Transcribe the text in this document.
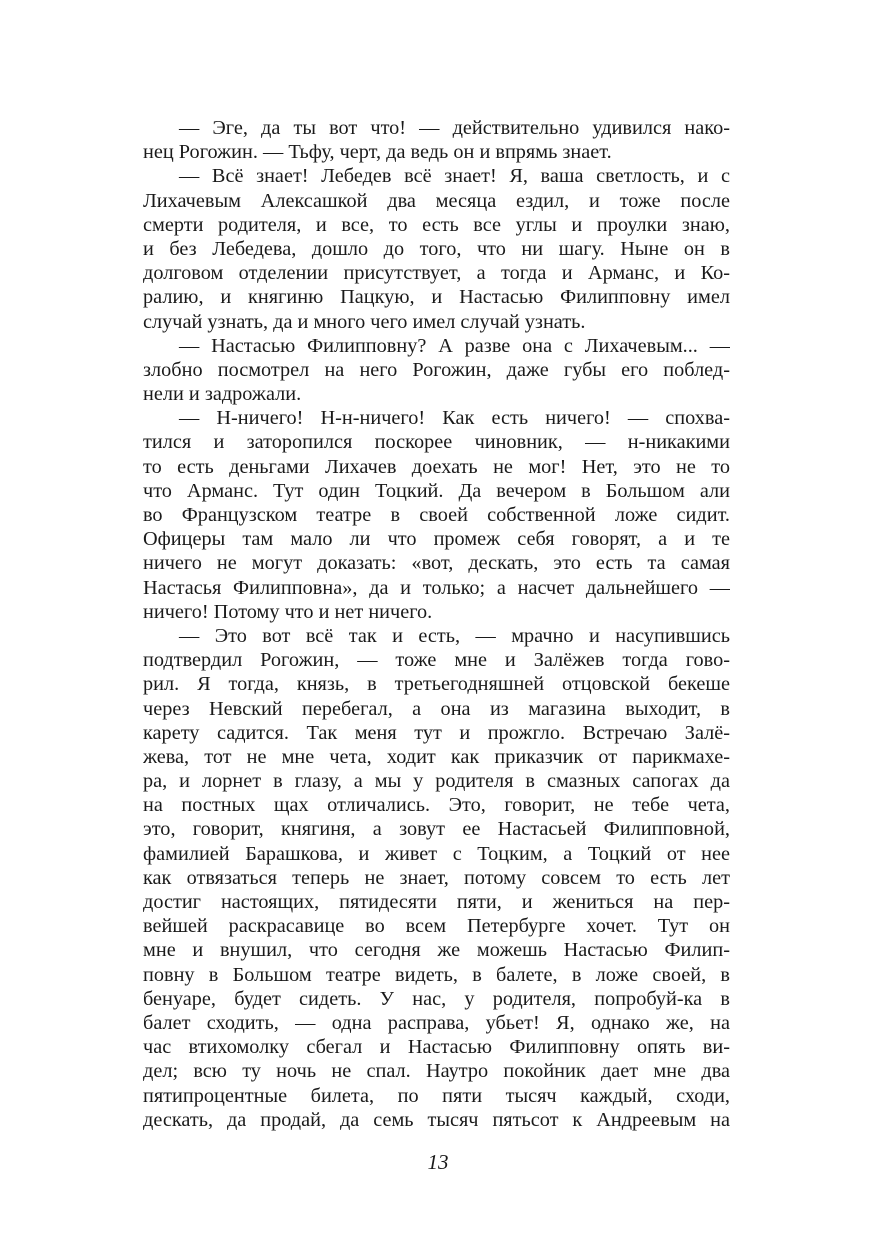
— Эге, да ты вот что! — действительно удивился нако-
нец Рогожин. — Тьфу, черт, да ведь он и впрямь знает.
— Всё знает! Лебедев всё знает! Я, ваша светлость, и с
Лихачевым Алексашкой два месяца ездил, и тоже после
смерти родителя, и все, то есть все углы и проулки знаю,
и без Лебедева, дошло до того, что ни шагу. Ныне он в
долговом отделении присутствует, а тогда и Арманс, и Ко-
ралию, и княгиню Пацкую, и Настасью Филипповну имел
случай узнать, да и много чего имел случай узнать.
— Настасью Филипповну? А разве она с Лихачевым... —
злобно посмотрел на него Рогожин, даже губы его поблед-
нели и задрожали.
— Н-ничего! Н-н-ничего! Как есть ничего! — спохва-
тился и заторопился поскорее чиновник, — н-никакими
то есть деньгами Лихачев доехать не мог! Нет, это не то
что Арманс. Тут один Тоцкий. Да вечером в Большом али
во Французском театре в своей собственной ложе сидит.
Офицеры там мало ли что промеж себя говорят, а и те
ничего не могут доказать: «вот, дескать, это есть та самая
Настасья Филипповна», да и только; а насчет дальнейшего —
ничего! Потому что и нет ничего.
— Это вот всё так и есть, — мрачно и насупившись
подтвердил Рогожин, — тоже мне и Залёжев тогда гово-
рил. Я тогда, князь, в третьегодняшней отцовской бекеше
через Невский перебегал, а она из магазина выходит, в
карету садится. Так меня тут и прожгло. Встречаю Залё-
жева, тот не мне чета, ходит как приказчик от парикмахе-
ра, и лорнет в глазу, а мы у родителя в смазных сапогах да
на постных щах отличались. Это, говорит, не тебе чета,
это, говорит, княгиня, а зовут ее Настасьей Филипповной,
фамилией Барашкова, и живет с Тоцким, а Тоцкий от нее
как отвязаться теперь не знает, потому совсем то есть лет
достиг настоящих, пятидесяти пяти, и жениться на пер-
вейшей раскрасавице во всем Петербурге хочет. Тут он
мне и внушил, что сегодня же можешь Настасью Филип-
повну в Большом театре видеть, в балете, в ложе своей, в
бенуаре, будет сидеть. У нас, у родителя, попробуй-ка в
балет сходить, — одна расправа, убьет! Я, однако же, на
час втихомолку сбегал и Настасью Филипповну опять ви-
дел; всю ту ночь не спал. Наутро покойник дает мне два
пятипроцентные билета, по пяти тысяч каждый, сходи,
дескать, да продай, да семь тысяч пятьсот к Андреевым на
13
